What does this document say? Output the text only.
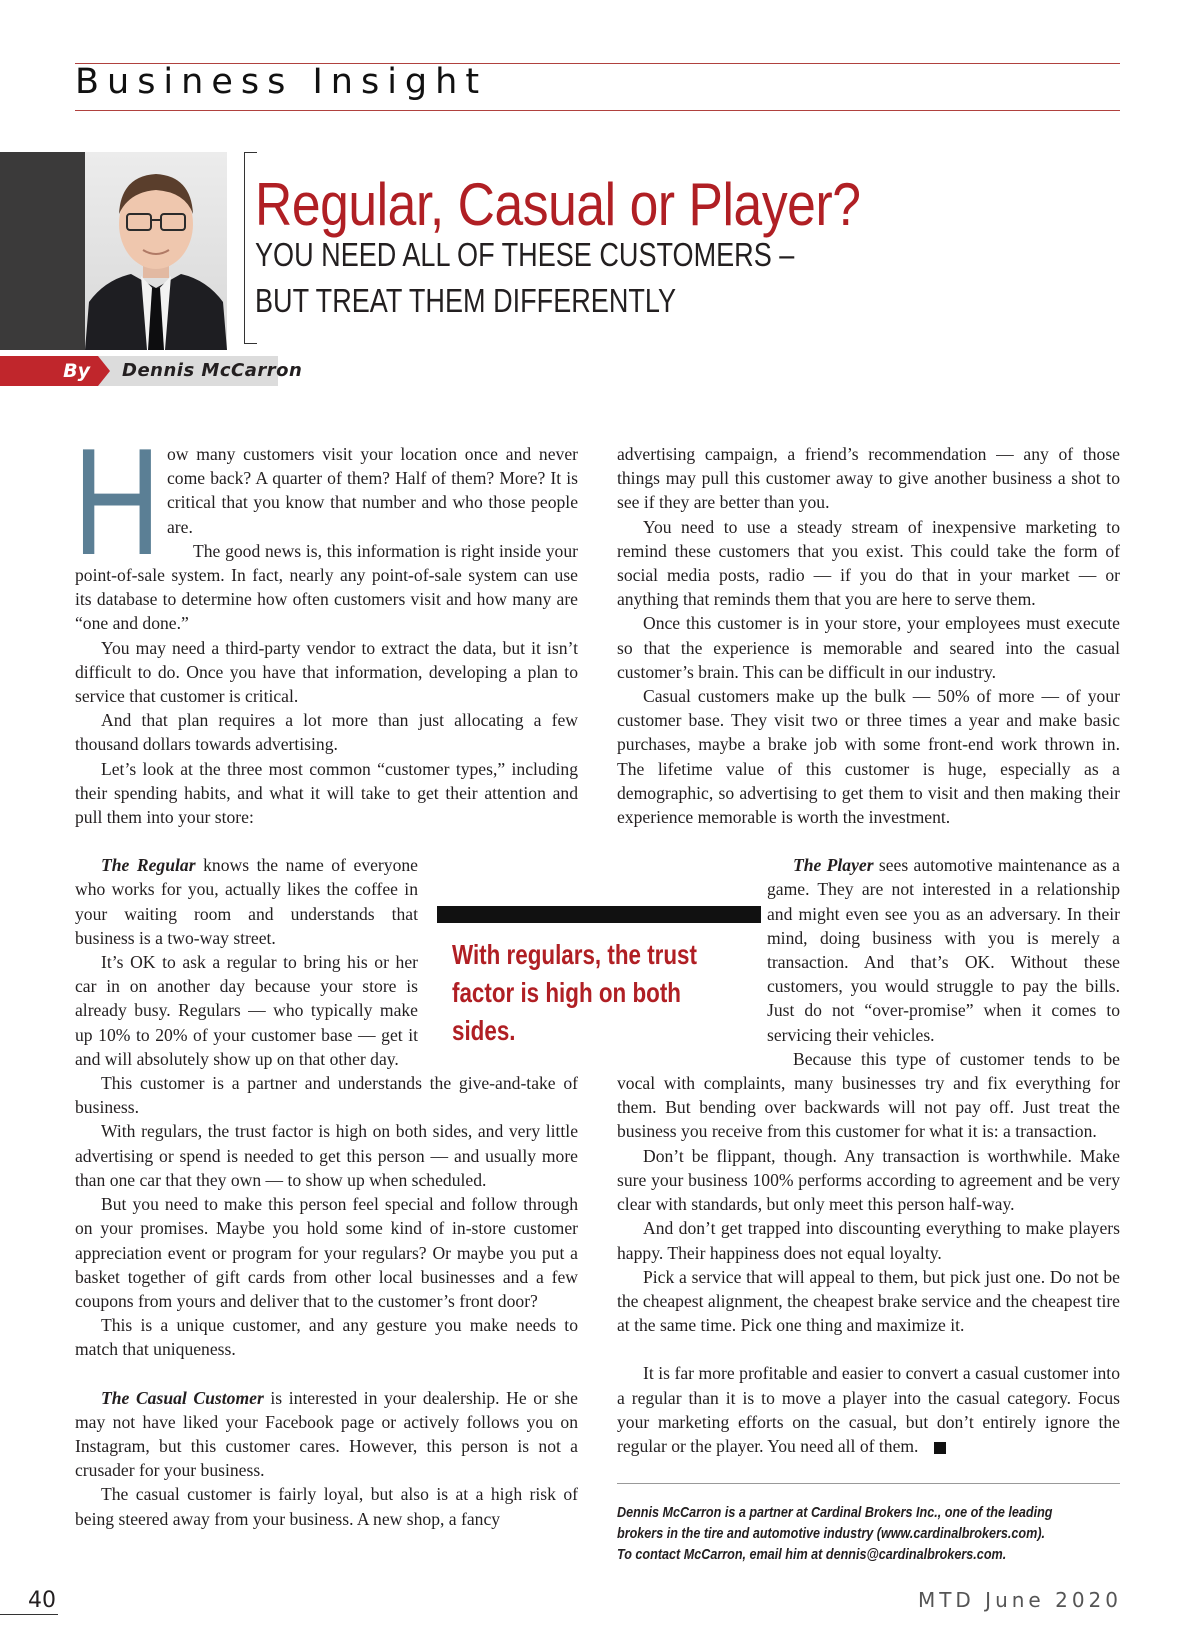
Business Insight
Regular, Casual or Player?

YOU NEED ALL OF THESE CUSTOMERS –

BUT TREAT THEM DIFFERENTLY

By	Dennis McCarron
H ow many customers visit your location once and never come back? A quarter of them? Half of them? More? It is critical that you know that number and who those people are.

The good news is, this information is right inside your point-of-sale system. In fact, nearly any point-of-sale system can use its database to determine how often customers visit and how many are “one and done.”

You may need a third-party vendor to extract the data, but it isn’t difficult to do. Once you have that information, developing a plan to service that customer is critical.

And that plan requires a lot more than just allocating a few thousand dollars towards advertising.

Let’s look at the three most common “customer types,” including their spending habits, and what it will take to get their attention and pull them into your store:

The Regular knows the name of everyone who works for you, actually likes the coffee in your waiting room and understands that business is a two-way street.

It’s OK to ask a regular to bring his or her car in on another day because your store is already busy. Regulars — who typically make up 10% to 20% of your customer base — get it and will absolutely show up on that other day.

This customer is a partner and understands the give-and-take of business.

With regulars, the trust factor is high on both sides, and very little advertising or spend is needed to get this person — and usually more than one car that they own — to show up when scheduled.

But you need to make this person feel special and follow through on your promises. Maybe you hold some kind of in-store customer appreciation event or program for your regulars? Or maybe you put a basket together of gift cards from other local businesses and a few coupons from yours and deliver that to the customer’s front door?

This is a unique customer, and any gesture you make needs to match that uniqueness.

The Casual Customer is interested in your dealership. He or she may not have liked your Facebook page or actively follows you on Instagram, but this customer cares. However, this person is not a crusader for your business.

The casual customer is fairly loyal, but also is at a high risk of being steered away from your business. A new shop, a fancy

advertising campaign, a friend’s recommendation — any of those things may pull this customer away to give another business a shot to see if they are better than you.

You need to use a steady stream of inexpensive marketing to remind these customers that you exist. This could take the form of social media posts, radio — if you do that in your market — or anything that reminds them that you are here to serve them.

Once this customer is in your store, your employees must execute so that the experience is memorable and seared into the casual customer’s brain. This can be difficult in our industry.

Casual customers make up the bulk — 50% of more — of your customer base. They visit two or three times a year and make basic purchases, maybe a brake job with some front-end work thrown in. The lifetime value of this customer is huge, especially as a demographic, so advertising to get them to visit and then making their experience memorable is worth the investment.

The Player sees automotive maintenance as a game. They are not interested in a relationship and might even see you as an adversary. In their mind, doing business with you is merely a transaction. And that’s OK. Without these customers, you would struggle to pay the bills. Just do not “over-promise” when it comes to servicing their vehicles.

Because this type of customer tends to be vocal with complaints, many businesses try and fix everything for them. But bending over backwards will not pay off. Just treat the business you receive from this customer for what it is: a transaction.

Don’t be flippant, though. Any transaction is worthwhile. Make sure your business 100% performs according to agreement and be very clear with standards, but only meet this person half-way.

And don’t get trapped into discounting everything to make players happy. Their happiness does not equal loyalty.

Pick a service that will appeal to them, but pick just one. Do not be the cheapest alignment, the cheapest brake service and the cheapest tire at the same time. Pick one thing and maximize it.

It is far more profitable and easier to convert a casual customer into a regular than it is to move a player into the casual category. Focus your marketing efforts on the casual, but don’t entirely ignore the regular or the player. You need all of them.

With regulars, the trust factor is high on both sides.

Dennis McCarron is a partner at Cardinal Brokers Inc., one of the leading
brokers in the tire and automotive industry (www.cardinalbrokers.com).
To contact McCarron, email him at dennis@cardinalbrokers.com.
40	MTD June 2020
